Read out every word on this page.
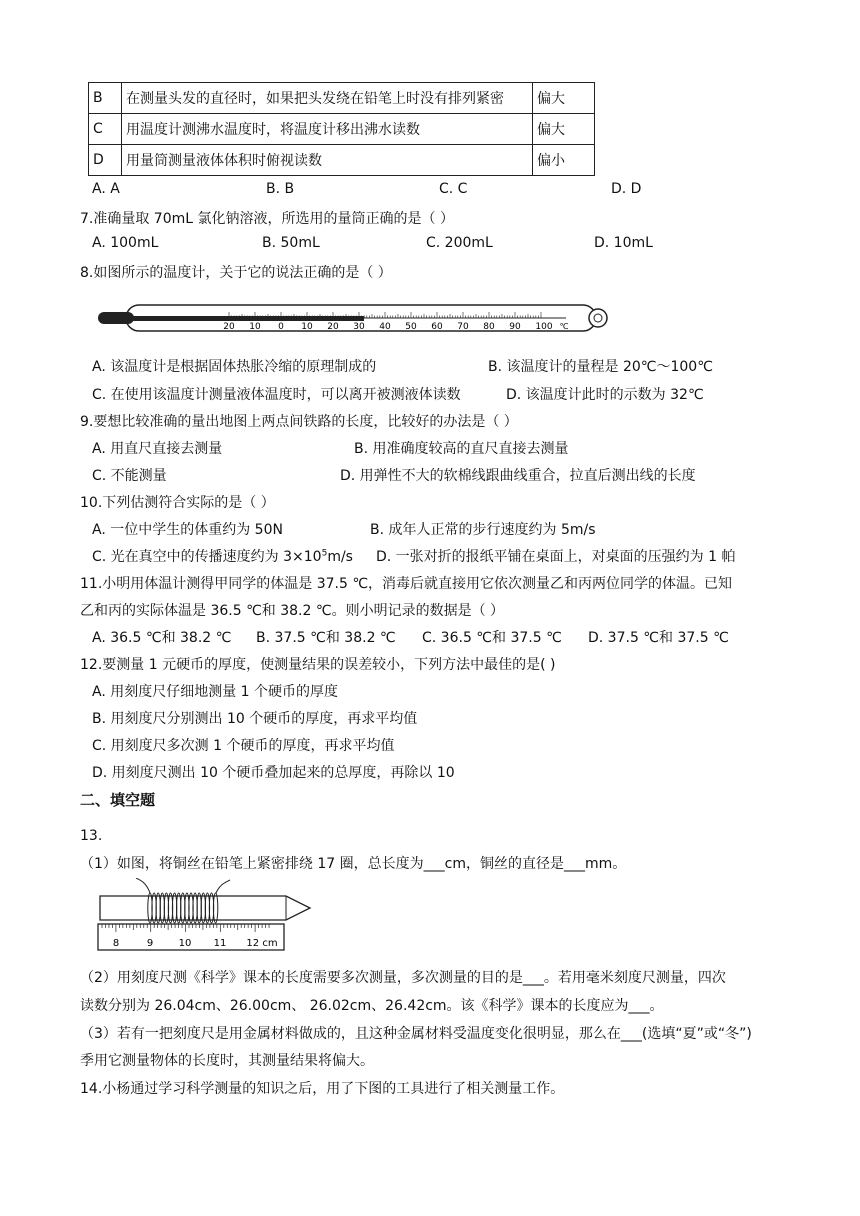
B	在测量头发的直径时，如果把头发绕在铅笔上时没有排列紧密	偏大
C	用温度计测沸水温度时，将温度计移出沸水读数	偏大
D	用量筒测量液体体积时俯视读数	偏小
A. A	B. B	C. C	D. D
7.准确量取 70mL 氯化钠溶液，所选用的量筒正确的是（ ）
A. 100mL	B. 50mL	C. 200mL	D. 10mL
8.如图所示的温度计，关于它的说法正确的是（ ）
20 10 0 10 20 30 40 50 60 70 80 90 100 ℃
A. 该温度计是根据固体热胀冷缩的原理制成的	B. 该温度计的量程是 20℃～100℃
C. 在使用该温度计测量液体温度时，可以离开被测液体读数	D. 该温度计此时的示数为 32℃
9.要想比较准确的量出地图上两点间铁路的长度，比较好的办法是（ ）
A. 用直尺直接去测量	B. 用准确度较高的直尺直接去测量
C. 不能测量	D. 用弹性不大的软棉线跟曲线重合，拉直后测出线的长度
10.下列估测符合实际的是（ ）
A. 一位中学生的体重约为 50N	B. 成年人正常的步行速度约为 5m/s
C. 光在真空中的传播速度约为 $3\times 10^5m/s$ D. 一张对折的报纸平铺在桌面上，对桌面的压强约为 1 帕
11.小明用体温计测得甲同学的体温是 37.5 ℃，消毒后就直接用它依次测量乙和丙两位同学的体温。已知
乙和丙的实际体温是 36.5 ℃和 38.2 ℃。则小明记录的数据是（ ）
A. 36.5 ℃和 38.2 ℃ B. 37.5 ℃和 38.2 ℃ C. 36.5 ℃和 37.5 ℃ D. 37.5 ℃和 37.5 ℃
12.要测量 1 元硬币的厚度，使测量结果的误差较小，下列方法中最佳的是( )
A. 用刻度尺仔细地测量 1 个硬币的厚度
B. 用刻度尺分别测出 10 个硬币的厚度，再求平均值
C. 用刻度尺多次测 1 个硬币的厚度，再求平均值
D. 用刻度尺测出 10 个硬币叠加起来的总厚度，再除以 10
二、填空题
13.
（1）如图，将铜丝在铅笔上紧密排绕 17 圈，总长度为___cm，铜丝的直径是___mm。
8	9	10 11 12 cm
（2）用刻度尺测《科学》课本的长度需要多次测量，多次测量的目的是___。若用毫米刻度尺测量，四次
读数分别为 26.04cm、26.00cm、 26.02cm、26.42cm。该《科学》课本的长度应为___。
（3）若有一把刻度尺是用金属材料做成的，且这种金属材料受温度变化很明显，那么在___(选填“夏”或“冬”)
季用它测量物体的长度时，其测量结果将偏大。
14.小杨通过学习科学测量的知识之后，用了下图的工具进行了相关测量工作。
